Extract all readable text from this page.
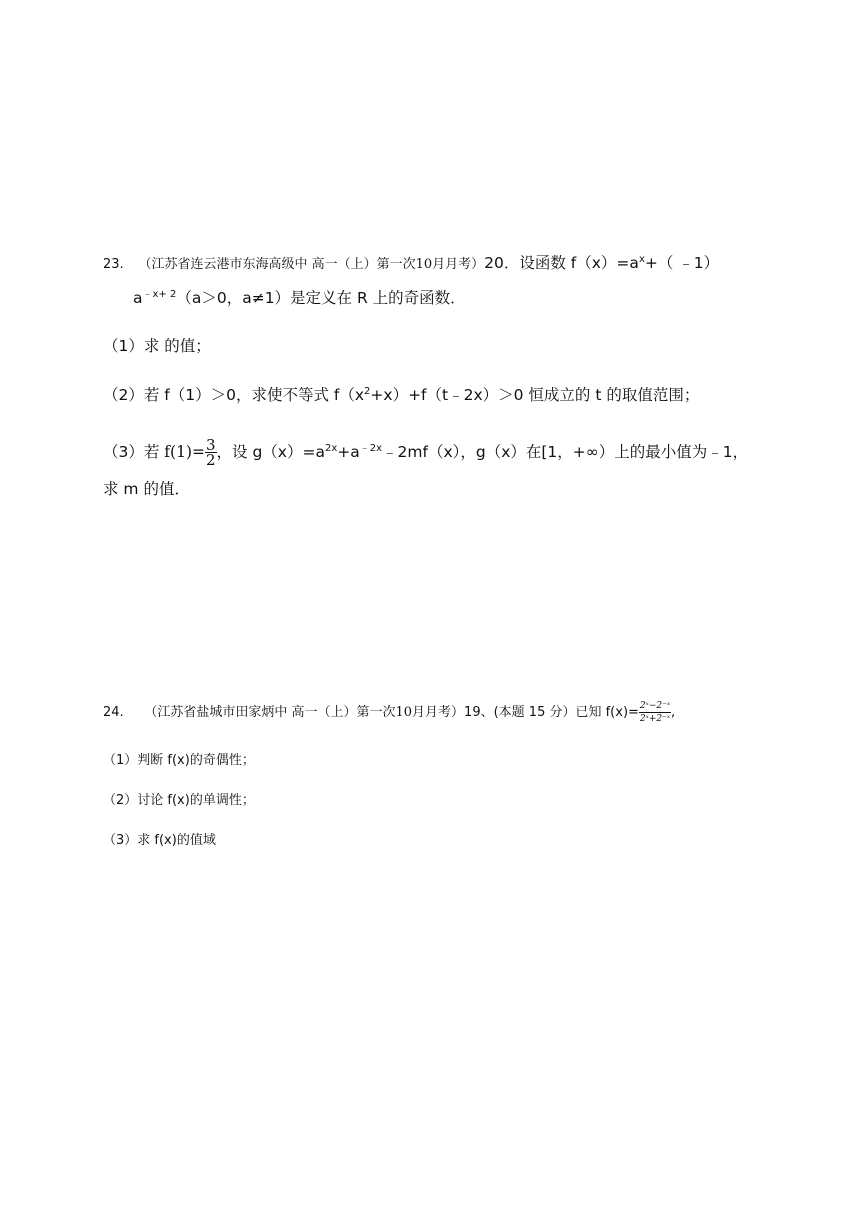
23. （江苏省连云港市东海高级中 高一（上）第一次10月月考）20．设函数 $f(x)=a^x+$（ ﹣1）
$a^{﹣x+ 2}(a>0$，a≠1）是定义在 R 上的奇函数．
（1）求 的值；
（2）若 f（1）＞0，求使不等式 $f(x^2+x)+f(t﹣2x)>0$ 恒成立的 t 的取值范围；
（3）若 $f(1)= \frac{3}{2}$ ，设 $g(x)=a^{2x}+a^{﹣2x}﹣2mf(x)$，g（x）在[1，+∞）上的最小值为﹣1，
求 m 的值．
24. （江苏省盐城市田家炳中 高一（上）第一次10月月考）19、(本题 15 分）已知 $f(x)= \frac{\text{2ˣ−2⁻ˣ}}{\text{2ˣ+2⁻ˣ}}$ ,
（1）判断 f(x)的奇偶性；
（2）讨论 f(x)的单调性；
（3）求 f(x)的值域
